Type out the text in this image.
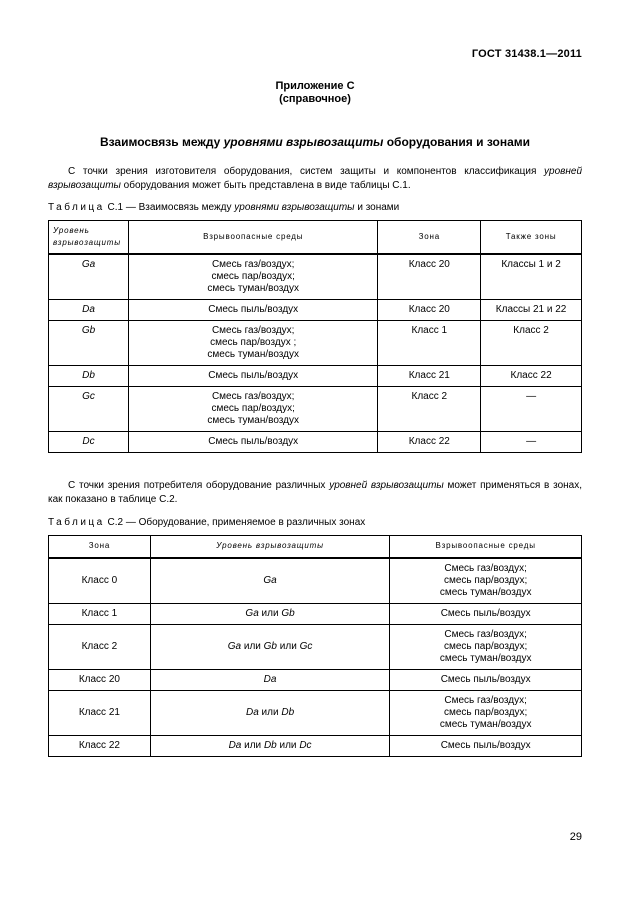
ГОСТ 31438.1—2011
Приложение С
(справочное)
Взаимосвязь между уровнями взрывозащиты оборудования и зонами

С точки зрения изготовителя оборудования, систем защиты и компонентов классификация уровней взрывозащиты оборудования может быть представлена в виде таблицы С.1.

Таблица С.1 — Взаимосвязь между уровнями взрывозащиты и зонами
Уровень взрывозащиты	Взрывоопасные среды	Зона	Также зоны
Ga	Смесь газ/воздух;
смесь пар/воздух;
смесь туман/воздух	Класс 20	Классы 1 и 2
Da	Смесь пыль/воздух	Класс 20	Классы 21 и 22
Gb	Смесь газ/воздух;
смесь пар/воздух ;
смесь туман/воздух	Класс 1	Класс 2
Db	Смесь пыль/воздух	Класс 21	Класс 22
Gc	Смесь газ/воздух;
смесь пар/воздух;
смесь туман/воздух	Класс 2	—
Dc	Смесь пыль/воздух	Класс 22	—

С точки зрения потребителя оборудование различных уровней взрывозащиты может применяться в зонах, как показано в таблице С.2.

Таблица С.2 — Оборудование, применяемое в различных зонах
Зона	Уровень взрывозащиты	Взрывоопасные среды
Класс 0	Ga	Смесь газ/воздух;
смесь пар/воздух;
смесь туман/воздух
Класс 1	Ga или Gb	Смесь пыль/воздух
Класс 2	Ga или Gb или Gc	Смесь газ/воздух;
смесь пар/воздух;
смесь туман/воздух
Класс 20	Da	Смесь пыль/воздух
Класс 21	Da или Db	Смесь газ/воздух;
смесь пар/воздух;
смесь туман/воздух
Класс 22	Da или Db или Dc	Смесь пыль/воздух
29
